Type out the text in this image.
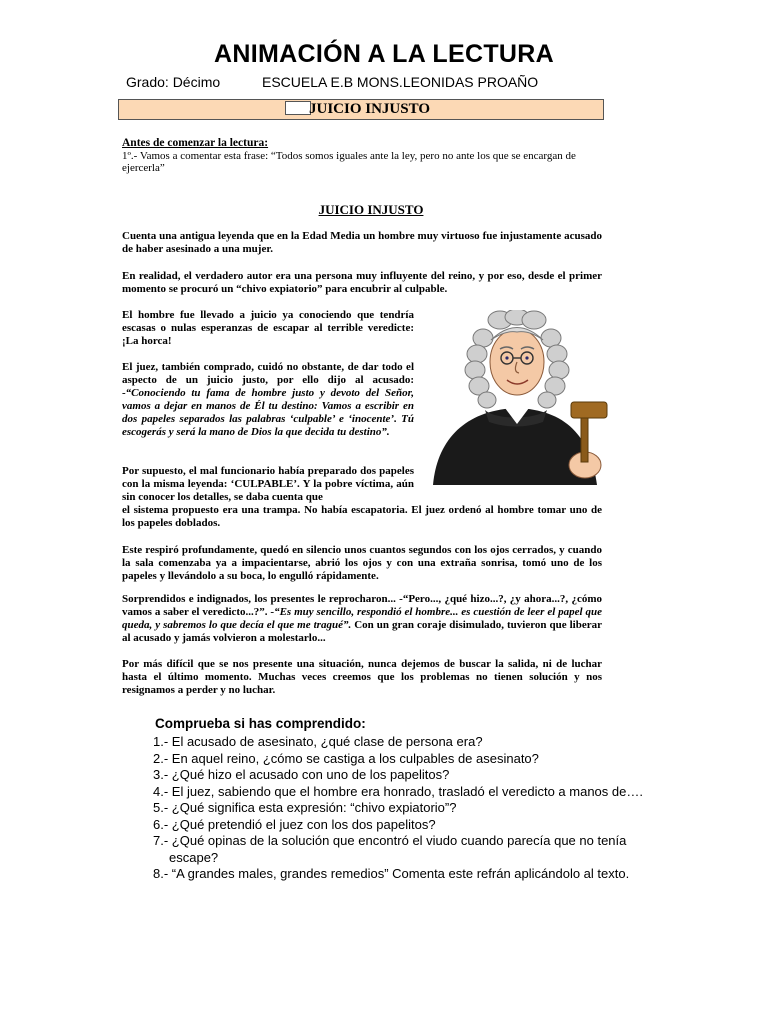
ANIMACIÓN A LA LECTURA
Grado: Décimo	ESCUELA E.B MONS.LEONIDAS PROAÑO
JUICIO INJUSTO
Antes de comenzar la lectura:
1º.- Vamos a comentar esta frase: “Todos somos iguales ante la ley, pero no ante los que se encargan de ejercerla”
JUICIO INJUSTO
Cuenta una antigua leyenda que en la Edad Media un hombre muy virtuoso fue injustamente acusado de haber asesinado a una mujer.
En realidad, el verdadero autor era una persona muy influyente del reino, y por eso, desde el primer momento se procuró un “chivo expiatorio” para encubrir al culpable.
El hombre fue llevado a juicio ya conociendo que tendría escasas o nulas esperanzas de escapar al terrible veredicte: ¡La horca!
El juez, también comprado, cuidó no obstante, de dar todo el aspecto de un juicio justo, por ello dijo al acusado: -“Conociendo tu fama de hombre justo y devoto del Señor, vamos a dejar en manos de Él tu destino: Vamos a escribir en dos papeles separados las palabras ‘culpable’ e ‘inocente’. Tú escogerás y será la mano de Dios la que decida tu destino”.
Por supuesto, el mal funcionario había preparado dos papeles con la misma leyenda: ‘CULPABLE’. Y la pobre víctima, aún sin conocer los detalles, se daba cuenta que
el sistema propuesto era una trampa. No había escapatoria. El juez ordenó al hombre tomar uno de los papeles doblados.
Este respiró profundamente, quedó en silencio unos cuantos segundos con los ojos cerrados, y cuando la sala comenzaba ya a impacientarse, abrió los ojos y con una extraña sonrisa, tomó uno de los papeles y llevándolo a su boca, lo engulló rápidamente.
Sorprendidos e indignados, los presentes le reprocharon... -“Pero..., ¿qué hizo...?, ¿y ahora...?, ¿cómo vamos a saber el veredicto...?”. -“Es muy sencillo, respondió el hombre... es cuestión de leer el papel que queda, y sabremos lo que decía el que me tragué”. Con un gran coraje disimulado, tuvieron que liberar al acusado y jamás volvieron a molestarlo...
Por más difícil que se nos presente una situación, nunca dejemos de buscar la salida, ni de luchar hasta el último momento. Muchas veces creemos que los problemas no tienen solución y nos resignamos a perder y no luchar.
Comprueba si has comprendido:
1.- El acusado de asesinato, ¿qué clase de persona era?
2.- En aquel reino, ¿cómo se castiga a los culpables de asesinato?
3.- ¿Qué hizo el acusado con uno de los papelitos?
4.- El juez, sabiendo que el hombre era honrado, trasladó el veredicto a manos de….
5.- ¿Qué significa esta expresión: “chivo expiatorio”?
6.- ¿Qué pretendió el juez con los dos papelitos?
7.- ¿Qué opinas de la solución que encontró el viudo cuando parecía que no tenía escape?
8.- “A grandes males, grandes remedios” Comenta este refrán aplicándolo al texto.
